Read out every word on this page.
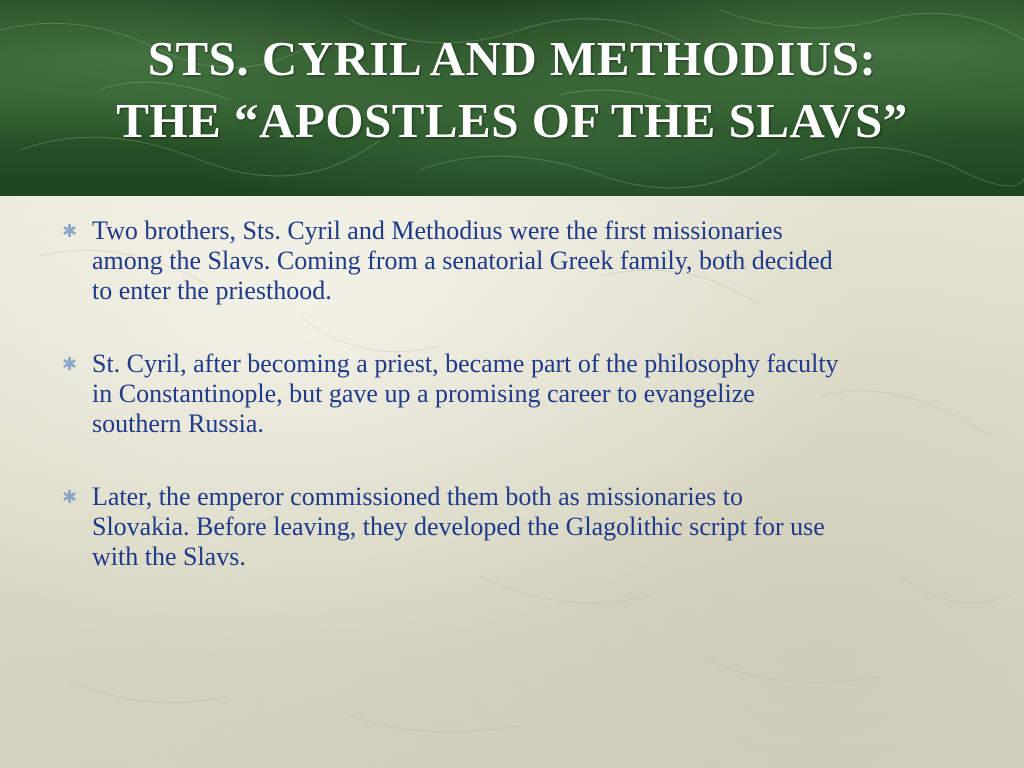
STS. CYRIL AND METHODIUS:
THE “APOSTLES OF THE SLAVS”
✱ Two brothers, Sts. Cyril and Methodius were the first missionaries
among the Slavs. Coming from a senatorial Greek family, both decided
to enter the priesthood.
✱ St. Cyril, after becoming a priest, became part of the philosophy faculty
in Constantinople, but gave up a promising career to evangelize
southern Russia.
✱ Later, the emperor commissioned them both as missionaries to
Slovakia. Before leaving, they developed the Glagolithic script for use
with the Slavs.
